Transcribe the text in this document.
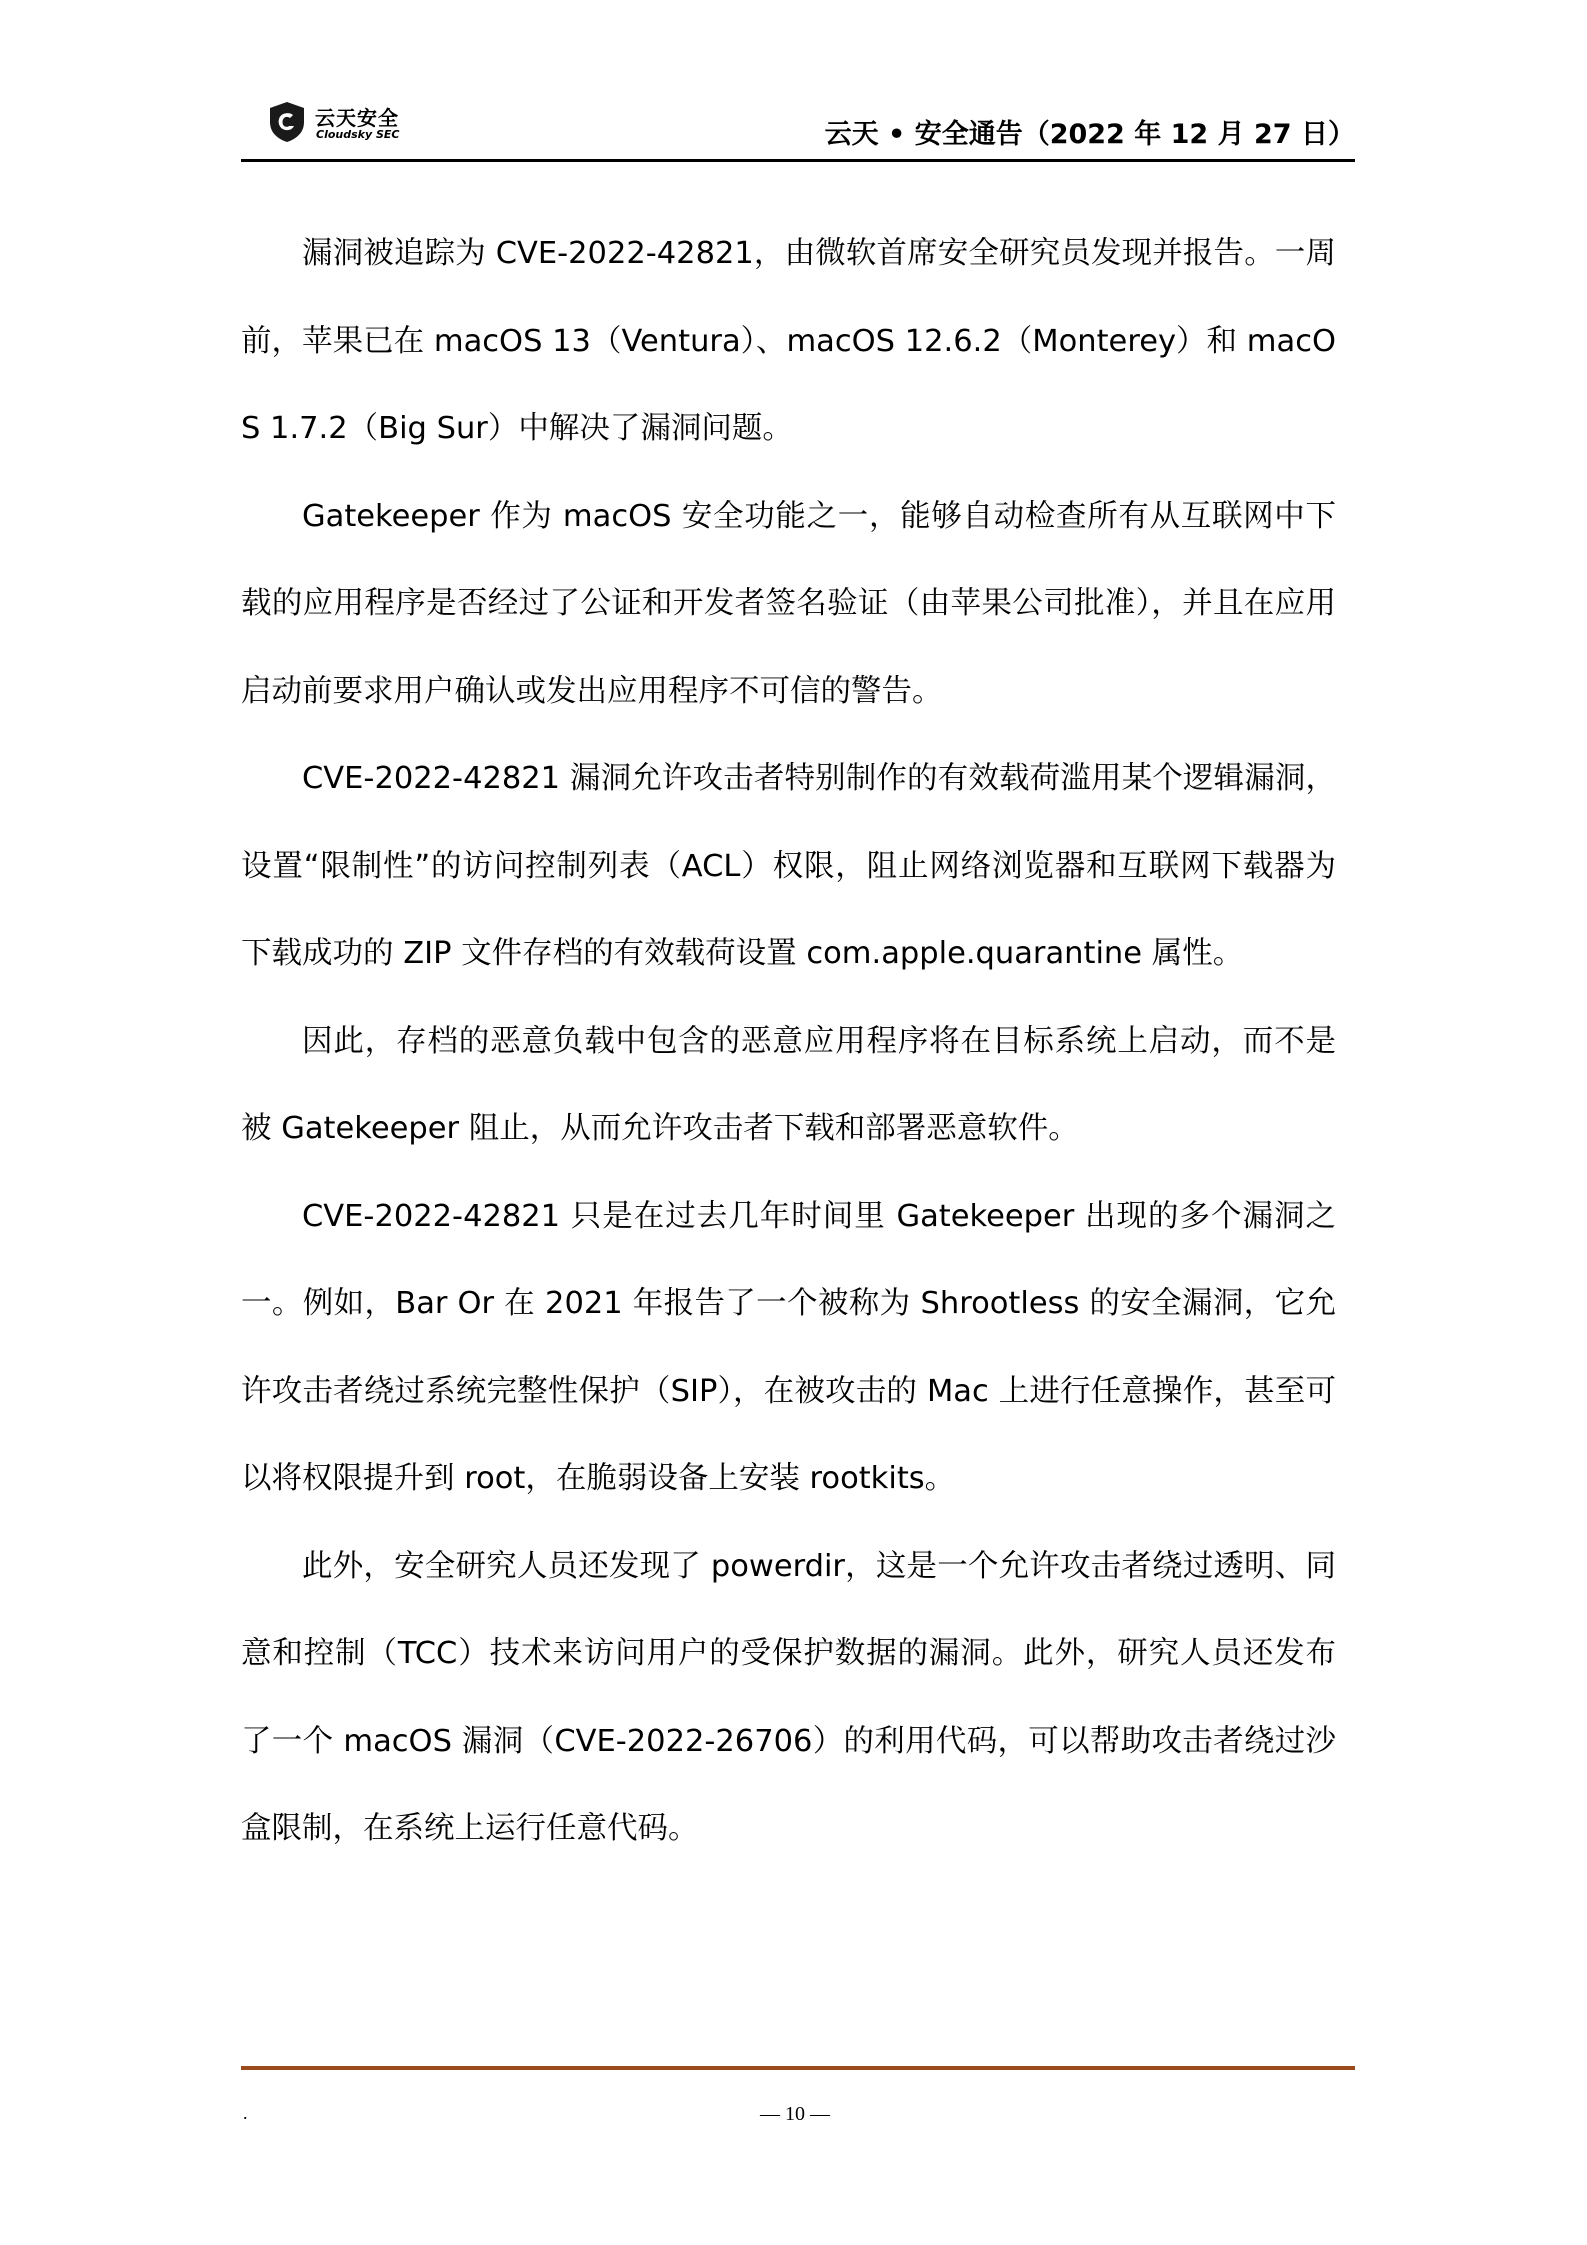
云天安全
Cloudsky SEC	云天 • 安全通告（2022 年 12 月 27 日）

漏洞被追踪为 CVE-2022-42821，由微软首席安全研究员发现并报告。一周前，苹果已在 macOS 13（Ventura）、macOS 12.6.2（Monterey）和 macOS 1.7.2（Big Sur）中解决了漏洞问题。

Gatekeeper 作为 macOS 安全功能之一，能够自动检查所有从互联网中下载的应用程序是否经过了公证和开发者签名验证（由苹果公司批准），并且在应用启动前要求用户确认或发出应用程序不可信的警告。

CVE-2022-42821 漏洞允许攻击者特别制作的有效载荷滥用某个逻辑漏洞，设置“限制性”的访问控制列表（ACL）权限，阻止网络浏览器和互联网下载器为下载成功的 ZIP 文件存档的有效载荷设置 com.apple.quarantine 属性。

因此，存档的恶意负载中包含的恶意应用程序将在目标系统上启动，而不是被 Gatekeeper 阻止，从而允许攻击者下载和部署恶意软件。

CVE-2022-42821 只是在过去几年时间里 Gatekeeper 出现的多个漏洞之一。例如，Bar Or 在 2021 年报告了一个被称为 Shrootless 的安全漏洞，它允许攻击者绕过系统完整性保护（SIP），在被攻击的 Mac 上进行任意操作，甚至可以将权限提升到 root，在脆弱设备上安装 rootkits。

此外，安全研究人员还发现了 powerdir，这是一个允许攻击者绕过透明、同意和控制（TCC）技术来访问用户的受保护数据的漏洞。此外，研究人员还发布了一个 macOS 漏洞（CVE-2022-26706）的利用代码，可以帮助攻击者绕过沙盒限制，在系统上运行任意代码。

.	— 10 —
